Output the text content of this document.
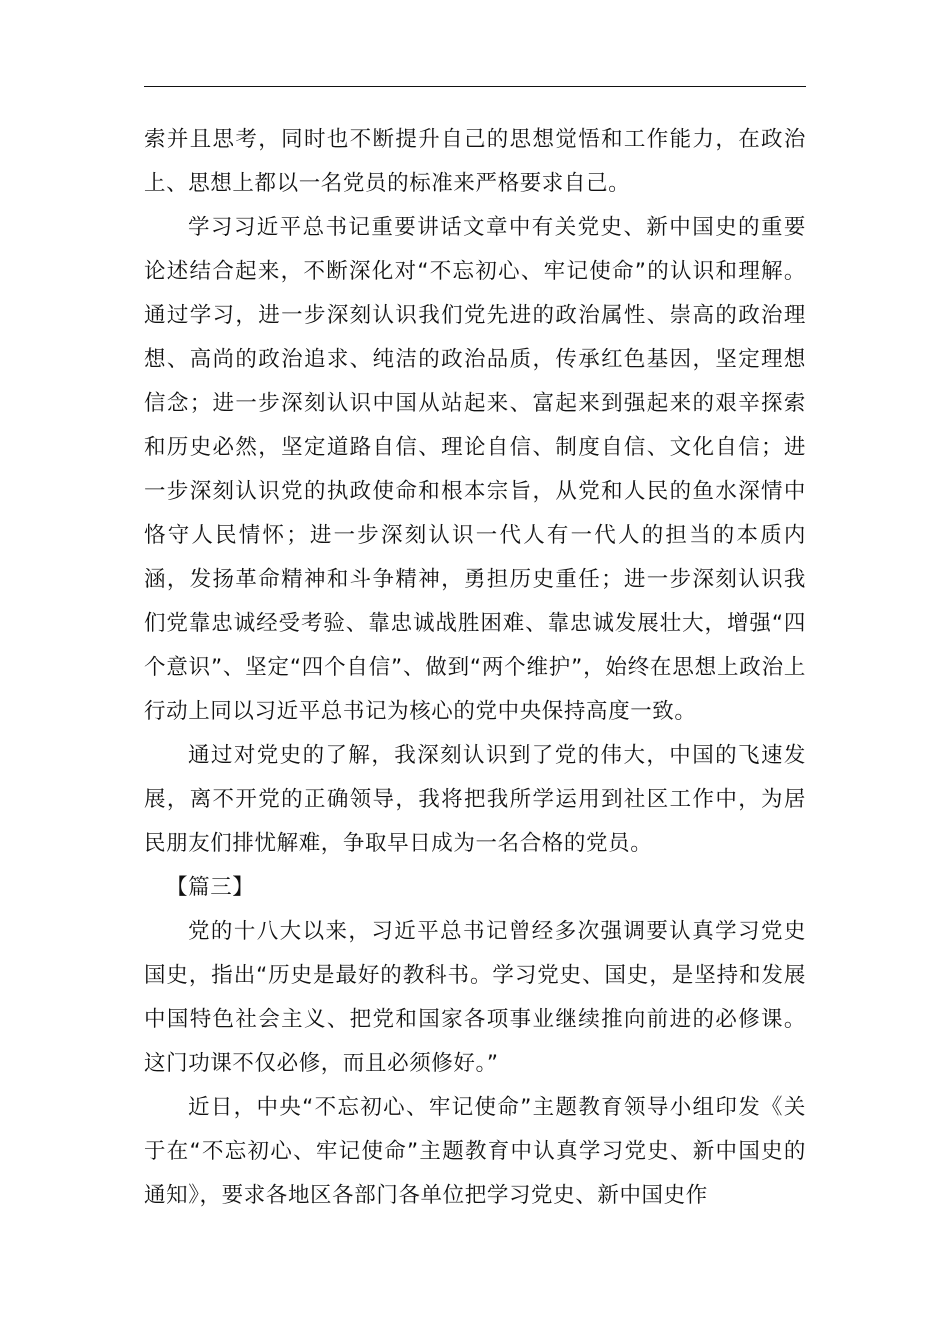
索并且思考，同时也不断提升自己的思想觉悟和工作能力，在政治上、思想上都以一名党员的标准来严格要求自己。

学习习近平总书记重要讲话文章中有关党史、新中国史的重要论述结合起来，不断深化对“不忘初心、牢记使命”的认识和理解。通过学习，进一步深刻认识我们党先进的政治属性、崇高的政治理想、高尚的政治追求、纯洁的政治品质，传承红色基因，坚定理想信念；进一步深刻认识中国从站起来、富起来到强起来的艰辛探索和历史必然，坚定道路自信、理论自信、制度自信、文化自信；进一步深刻认识党的执政使命和根本宗旨，从党和人民的鱼水深情中恪守人民情怀；进一步深刻认识一代人有一代人的担当的本质内涵，发扬革命精神和斗争精神，勇担历史重任；进一步深刻认识我们党靠忠诚经受考验、靠忠诚战胜困难、靠忠诚发展壮大，增强“四个意识”、坚定“四个自信”、做到“两个维护”，始终在思想上政治上行动上同以习近平总书记为核心的党中央保持高度一致。

通过对党史的了解，我深刻认识到了党的伟大，中国的飞速发展，离不开党的正确领导，我将把我所学运用到社区工作中，为居民朋友们排忧解难，争取早日成为一名合格的党员。

【篇三】

党的十八大以来，习近平总书记曾经多次强调要认真学习党史国史，指出“历史是最好的教科书。学习党史、国史，是坚持和发展中国特色社会主义、把党和国家各项事业继续推向前进的必修课。这门功课不仅必修，而且必须修好。”

近日，中央“不忘初心、牢记使命”主题教育领导小组印发《关于在“不忘初心、牢记使命”主题教育中认真学习党史、新中国史的通知》，要求各地区各部门各单位把学习党史、新中国史作
